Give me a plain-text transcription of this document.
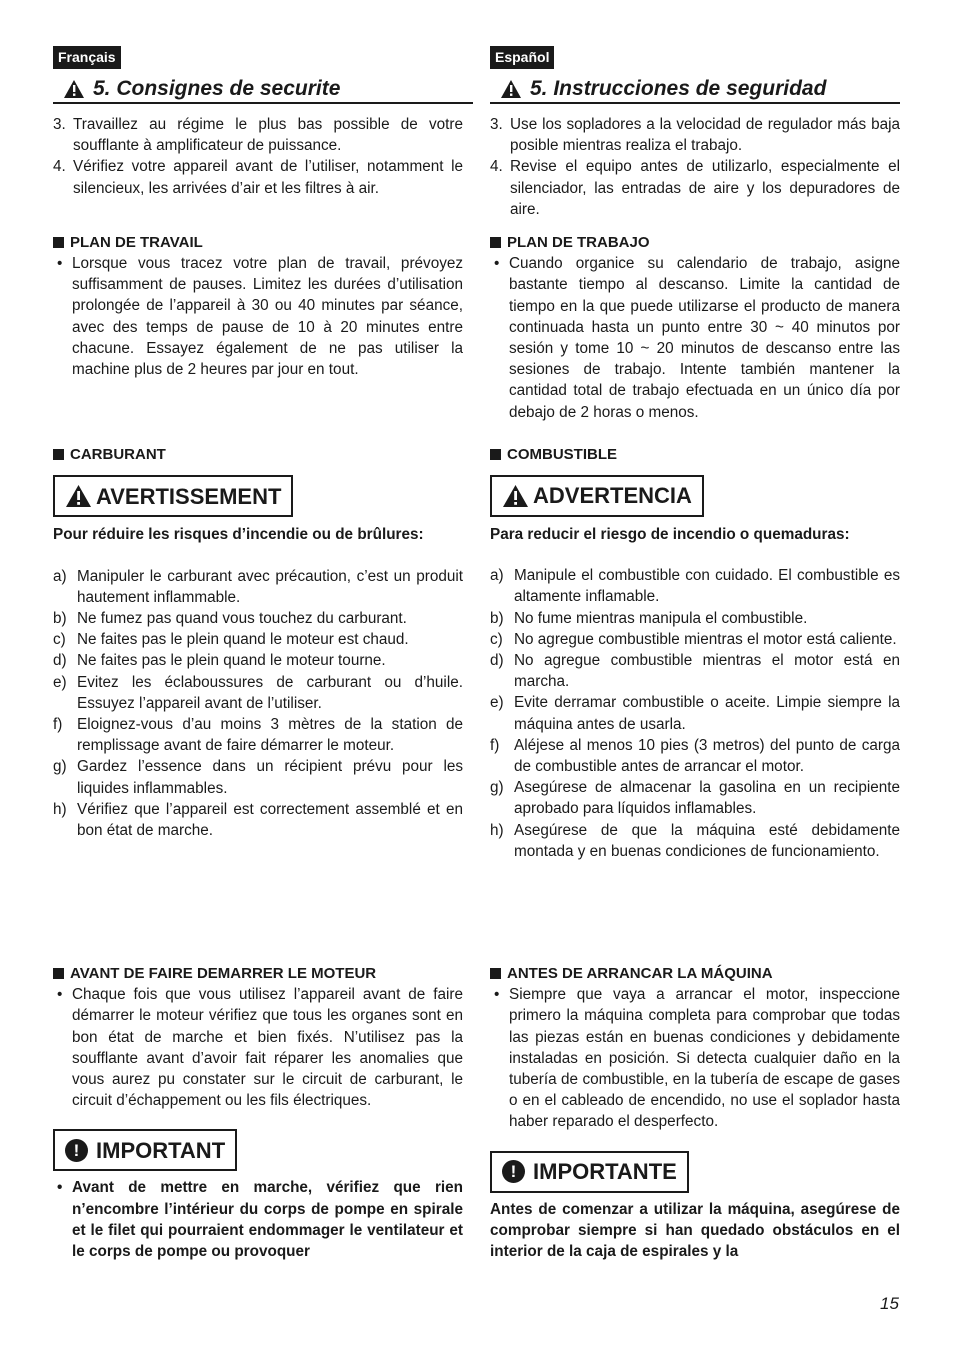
Français
5. Consignes de securite
3. Travaillez au régime le plus bas possible de votre soufflante à amplificateur de puissance.
4. Vérifiez votre appareil avant de l’utiliser, notamment le silencieux, les arrivées d’air et les filtres à air.
PLAN DE TRAVAIL
• Lorsque vous tracez votre plan de travail, prévoyez suffisamment de pauses. Limitez les durées d’utilisation prolongée de l’appareil à 30 ou 40 minutes par séance, avec des temps de pause de 10 à 20 minutes entre chacune. Essayez également de ne pas utiliser la machine plus de 2 heures par jour en tout.
CARBURANT
AVERTISSEMENT
Pour réduire les risques d’incendie ou de brûlures:
a) Manipuler le carburant avec précaution, c’est un produit hautement inflammable.
b) Ne fumez pas quand vous touchez du carburant.
c) Ne faites pas le plein quand le moteur est chaud.
d) Ne faites pas le plein quand le moteur tourne.
e) Evitez les éclaboussures de carburant ou d’huile. Essuyez l’appareil avant de l’utiliser.
f) Eloignez-vous d’au moins 3 mètres de la station de remplissage avant de faire démarrer le moteur.
g) Gardez l’essence dans un récipient prévu pour les liquides inflammables.
h) Vérifiez que l’appareil est correctement assemblé et en bon état de marche.
AVANT DE FAIRE DEMARRER LE MOTEUR
• Chaque fois que vous utilisez l’appareil avant de faire démarrer le moteur vérifiez que tous les organes sont en bon état de marche et bien fixés. N’utilisez pas la soufflante avant d’avoir fait réparer les anomalies que vous aurez pu constater sur le circuit de carburant, le circuit d’échappement ou les fils électriques.
! IMPORTANT
• Avant de mettre en marche, vérifiez que rien n’encombre l’intérieur du corps de pompe en spirale et le filet qui pourraient endommager le ventilateur et le corps de pompe ou provoquer
Español
5. Instrucciones de seguridad
3. Use los sopladores a la velocidad de regulador más baja posible mientras realiza el trabajo.
4. Revise el equipo antes de utilizarlo, especialmente el silenciador, las entradas de aire y los depuradores de aire.
PLAN DE TRABAJO
• Cuando organice su calendario de trabajo, asigne bastante tiempo al descanso. Limite la cantidad de tiempo en la que puede utilizarse el producto de manera continuada hasta un punto entre 30 ~ 40 minutos por sesión y tome 10 ~ 20 minutos de descanso entre las sesiones de trabajo. Intente también mantener la cantidad total de trabajo efectuada en un único día por debajo de 2 horas o menos.
COMBUSTIBLE
ADVERTENCIA
Para reducir el riesgo de incendio o quemaduras:
a) Manipule el combustible con cuidado. El combustible es altamente inflamable.
b) No fume mientras manipula el combustible.
c) No agregue combustible mientras el motor está caliente.
d) No agregue combustible mientras el motor está en marcha.
e) Evite derramar combustible o aceite. Limpie siempre la máquina antes de usarla.
f) Aléjese al menos 10 pies (3 metros) del punto de carga de combustible antes de arrancar el motor.
g) Asegúrese de almacenar la gasolina en un recipiente aprobado para líquidos inflamables.
h) Asegúrese de que la máquina esté debidamente montada y en buenas condiciones de funcionamiento.
ANTES DE ARRANCAR LA MÁQUINA
• Siempre que vaya a arrancar el motor, inspeccione primero la máquina completa para comprobar que todas las piezas están en buenas condiciones y debidamente instaladas en posición. Si detecta cualquier daño en la tubería de combustible, en la tubería de escape de gases o en el cableado de encendido, no use el soplador hasta haber reparado el desperfecto.
! IMPORTANTE
Antes de comenzar a utilizar la máquina, asegúrese de comprobar siempre si han quedado obstáculos en el interior de la caja de espirales y la
15
